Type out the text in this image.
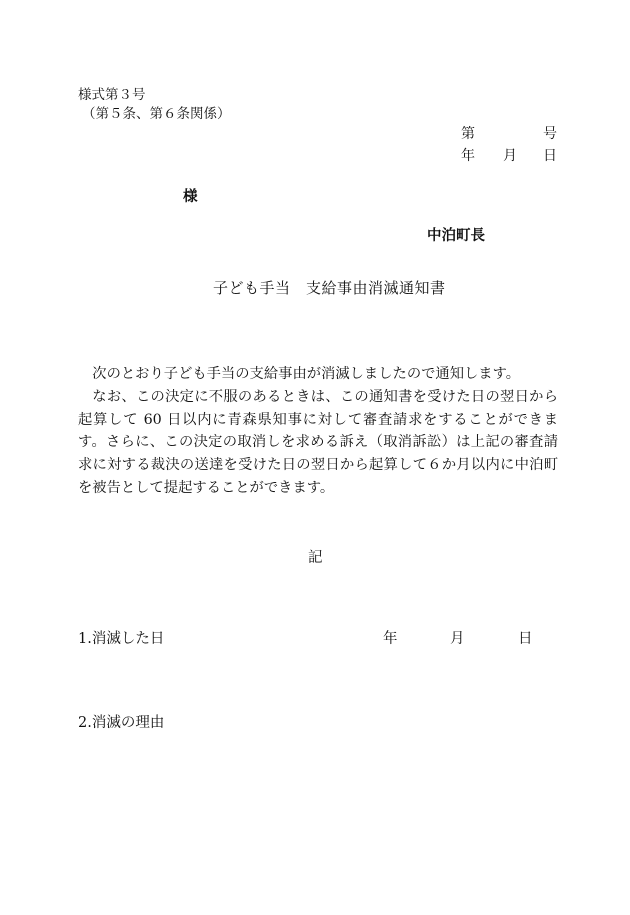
様式第３号
（第５条、第６条関係）
第	号
年 月 日
様
中泊町長
子ども手当　支給事由消滅通知書

次のとおり子ども手当の支給事由が消滅しましたので通知します。

なお、この決定に不服のあるときは、この通知書を受けた日の翌日から起算して 60 日以内に青森県知事に対して審査請求をすることができます。さらに、この決定の取消しを求める訴え（取消訴訟）は上記の審査請求に対する裁決の送達を受けた日の翌日から起算して６か月以内に中泊町を被告として提起することができます。

記
1.消滅した日	年	月	日
2.消滅の理由
